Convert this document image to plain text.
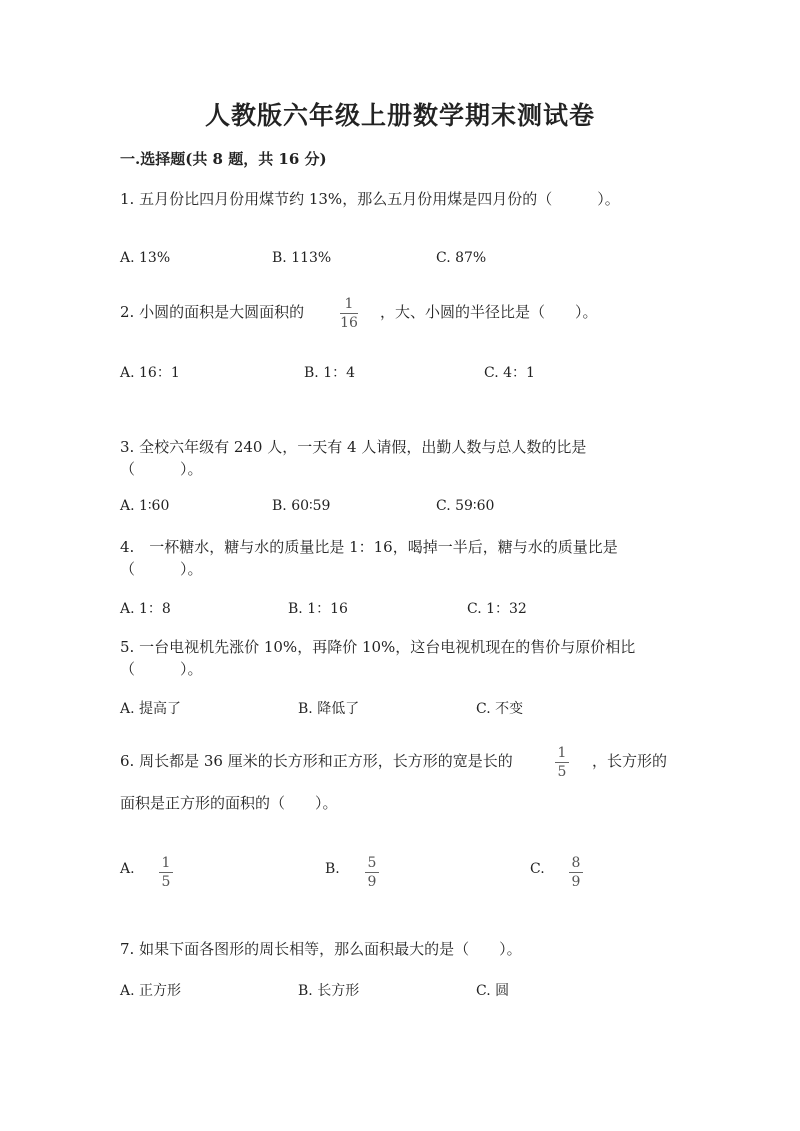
人教版六年级上册数学期末测试卷
一.选择题(共 8 题，共 16 分)
1. 五月份比四月份用煤节约 13%，那么五月份用煤是四月份的（　　　）。
A. 13%	B. 113%	C. 87%
2. 小圆的面积是大圆面积的	1
16
，大、小圆的半径比是（　　）。
A. 16：1	B. 1：4	C. 4：1
3. 全校六年级有 240 人，一天有 4 人请假，出勤人数与总人数的比是
（　　　）。
A. 1∶60	B. 60∶59	C. 59∶60
4.　一杯糖水，糖与水的质量比是 1：16，喝掉一半后，糖与水的质量比是
（　　　）。
A. 1：8	B. 1：16	C. 1：32
5. 一台电视机先涨价 10%，再降价 10%，这台电视机现在的售价与原价相比
（　　　）。
A. 提高了	B. 降低了	C. 不变
6. 周长都是 36 厘米的长方形和正方形，长方形的宽是长的	1
5
，长方形的
面积是正方形的面积的（　　）。
A. 1
5
B. 5
9
C. 8
9
7. 如果下面各图形的周长相等，那么面积最大的是（　　）。
A. 正方形	B. 长方形	C. 圆
